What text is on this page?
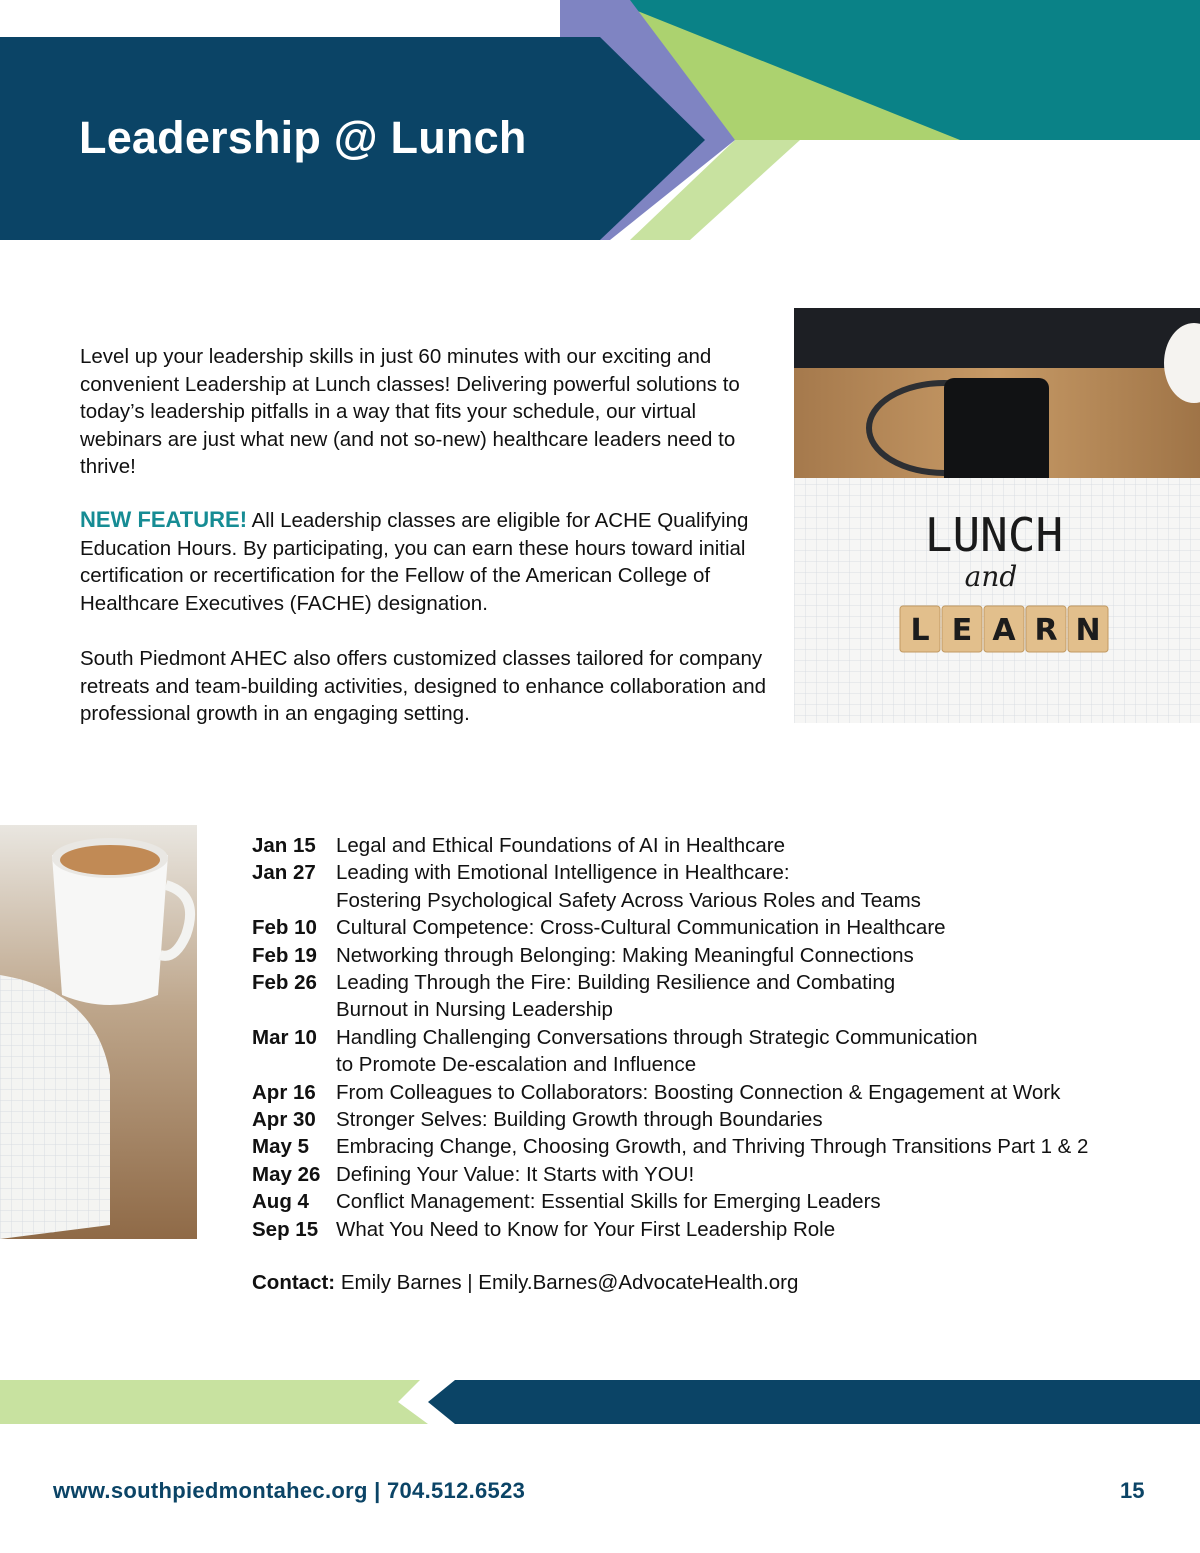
Leadership @ Lunch

Level up your leadership skills in just 60 minutes with our exciting and convenient Leadership at Lunch classes! Delivering powerful solutions to today’s leadership pitfalls in a way that fits your schedule, our virtual webinars are just what new (and not so-new) healthcare leaders need to thrive!

NEW FEATURE! All Leadership classes are eligible for ACHE Qualifying Education Hours. By participating, you can earn these hours toward initial certification or recertification for the Fellow of the American College of Healthcare Executives (FACHE) designation.

South Piedmont AHEC also offers customized classes tailored for company retreats and team-building activities, designed to enhance collaboration and professional growth in an engaging setting.

LUNCH
and
L E A R N
Jan 15 Legal and Ethical Foundations of AI in Healthcare
Jan 27 Leading with Emotional Intelligence in Healthcare:
Fostering Psychological Safety Across Various Roles and Teams
Feb 10 Cultural Competence: Cross-Cultural Communication in Healthcare
Feb 19 Networking through Belonging: Making Meaningful Connections
Feb 26 Leading Through the Fire: Building Resilience and Combating
Burnout in Nursing Leadership
Mar 10 Handling Challenging Conversations through Strategic Communication
to Promote De-escalation and Influence
Apr 16 From Colleagues to Collaborators: Boosting Connection & Engagement at Work
Apr 30 Stronger Selves: Building Growth through Boundaries
May 5	Embracing Change, Choosing Growth, and Thriving Through Transitions Part 1 & 2
May 26 Defining Your Value: It Starts with YOU!
Aug 4	Conflict Management: Essential Skills for Emerging Leaders
Sep 15 What You Need to Know for Your First Leadership Role
Contact: Emily Barnes | Emily.Barnes@AdvocateHealth.org
www.southpiedmontahec.org | 704.512.6523	15
